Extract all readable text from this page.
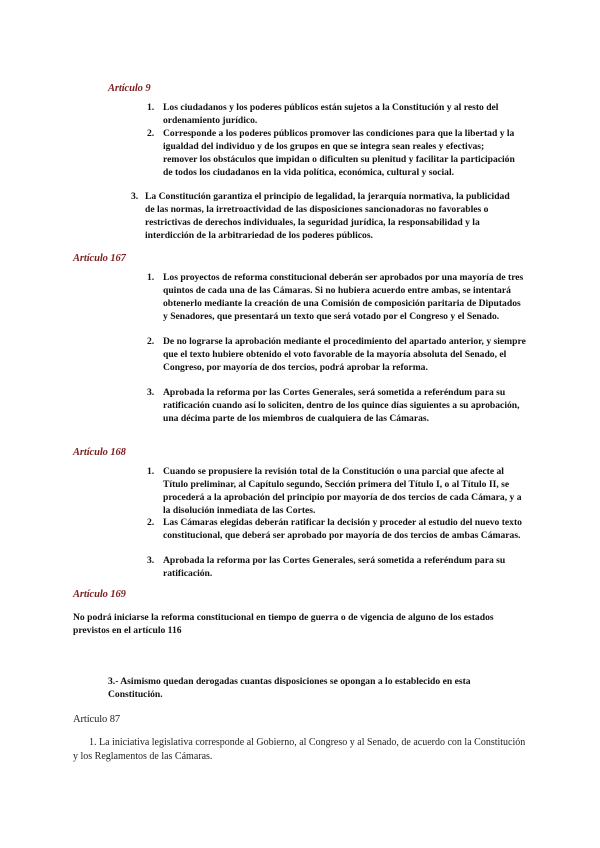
Artículo 9
1. Los ciudadanos y los poderes públicos están sujetos a la Constitución y al resto del ordenamiento jurídico.
2. Corresponde a los poderes públicos promover las condiciones para que la libertad y la igualdad del individuo y de los grupos en que se integra sean reales y efectivas; remover los obstáculos que impidan o dificulten su plenitud y facilitar la participación de todos los ciudadanos en la vida política, económica, cultural y social.
3. La Constitución garantiza el principio de legalidad, la jerarquía normativa, la publicidad de las normas, la irretroactividad de las disposiciones sancionadoras no favorables o restrictivas de derechos individuales, la seguridad jurídica, la responsabilidad y la interdicción de la arbitrariedad de los poderes públicos.
Artículo 167
1. Los proyectos de reforma constitucional deberán ser aprobados por una mayoría de tres quintos de cada una de las Cámaras. Si no hubiera acuerdo entre ambas, se intentará obtenerlo mediante la creación de una Comisión de composición paritaria de Diputados y Senadores, que presentará un texto que será votado por el Congreso y el Senado.
2. De no lograrse la aprobación mediante el procedimiento del apartado anterior, y siempre que el texto hubiere obtenido el voto favorable de la mayoría absoluta del Senado, el Congreso, por mayoría de dos tercios, podrá aprobar la reforma.
3. Aprobada la reforma por las Cortes Generales, será sometida a referéndum para su ratificación cuando así lo soliciten, dentro de los quince días siguientes a su aprobación, una décima parte de los miembros de cualquiera de las Cámaras.
Artículo 168
1. Cuando se propusiere la revisión total de la Constitución o una parcial que afecte al Título preliminar, al Capítulo segundo, Sección primera del Título I, o al Título II, se procederá a la aprobación del principio por mayoría de dos tercios de cada Cámara, y a la disolución inmediata de las Cortes.
2. Las Cámaras elegidas deberán ratificar la decisión y proceder al estudio del nuevo texto constitucional, que deberá ser aprobado por mayoría de dos tercios de ambas Cámaras.
3. Aprobada la reforma por las Cortes Generales, será sometida a referéndum para su ratificación.
Artículo 169
No podrá iniciarse la reforma constitucional en tiempo de guerra o de vigencia de alguno de los estados previstos en el artículo 116
3.- Asimismo quedan derogadas cuantas disposiciones se opongan a lo establecido en esta Constitución.
Artículo 87
1. La iniciativa legislativa corresponde al Gobierno, al Congreso y al Senado, de acuerdo con la Constitución y los Reglamentos de las Cámaras.
